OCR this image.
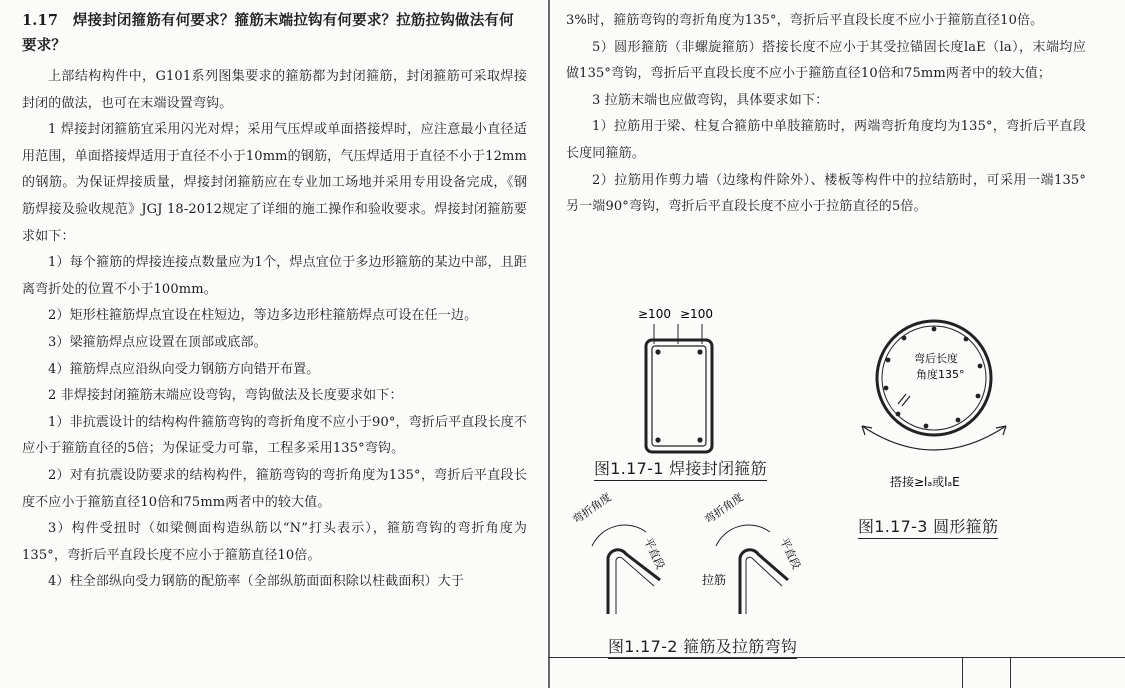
1.17　焊接封闭箍筋有何要求？箍筋末端拉钩有何要求？拉筋拉钩做法有何要求？

上部结构构件中，G101系列图集要求的箍筋都为封闭箍筋，封闭箍筋可采取焊接封闭的做法，也可在末端设置弯钩。

1 焊接封闭箍筋宜采用闪光对焊；采用气压焊或单面搭接焊时，应注意最小直径适用范围，单面搭接焊适用于直径不小于10mm的钢筋，气压焊适用于直径不小于12mm的钢筋。为保证焊接质量，焊接封闭箍筋应在专业加工场地并采用专用设备完成，《钢筋焊接及验收规范》JGJ 18-2012规定了详细的施工操作和验收要求。焊接封闭箍筋要求如下：

1）每个箍筋的焊接连接点数量应为1个，焊点宜位于多边形箍筋的某边中部，且距离弯折处的位置不小于100mm。

2）矩形柱箍筋焊点宜设在柱短边，等边多边形柱箍筋焊点可设在任一边。

3）梁箍筋焊点应设置在顶部或底部。

4）箍筋焊点应沿纵向受力钢筋方向错开布置。

2 非焊接封闭箍筋末端应设弯钩，弯钩做法及长度要求如下：

1）非抗震设计的结构构件箍筋弯钩的弯折角度不应小于90°，弯折后平直段长度不应小于箍筋直径的5倍；为保证受力可靠，工程多采用135°弯钩。

2）对有抗震设防要求的结构构件，箍筋弯钩的弯折角度为135°，弯折后平直段长度不应小于箍筋直径10倍和75mm两者中的较大值。

3）构件受扭时（如梁侧面构造纵筋以“N”打头表示），箍筋弯钩的弯折角度为135°，弯折后平直段长度不应小于箍筋直径10倍。

4）柱全部纵向受力钢筋的配筋率（全部纵筋面面积除以柱截面积）大于

3%时，箍筋弯钩的弯折角度为135°，弯折后平直段长度不应小于箍筋直径10倍。

5）圆形箍筋（非螺旋箍筋）搭接长度不应小于其受拉锚固长度laE（la），末端均应做135°弯钩，弯折后平直段长度不应小于箍筋直径10倍和75mm两者中的较大值；

3 拉筋末端也应做弯钩，具体要求如下：

1）拉筋用于梁、柱复合箍筋中单肢箍筋时，两端弯折角度均为135°，弯折后平直段长度同箍筋。

2）拉筋用作剪力墙（边缘构件除外）、楼板等构件中的拉结筋时，可采用一端135°另一端90°弯钩，弯折后平直段长度不应小于拉筋直径的5倍。

≥100 ≥100
弯后长度
角度135°
搭接≥lₐ或lₐE
弯折角度
平直段
弯折角度
平直段
拉筋
图1.17-1 焊接封闭箍筋
图1.17-3 圆形箍筋
图1.17-2 箍筋及拉筋弯钩
